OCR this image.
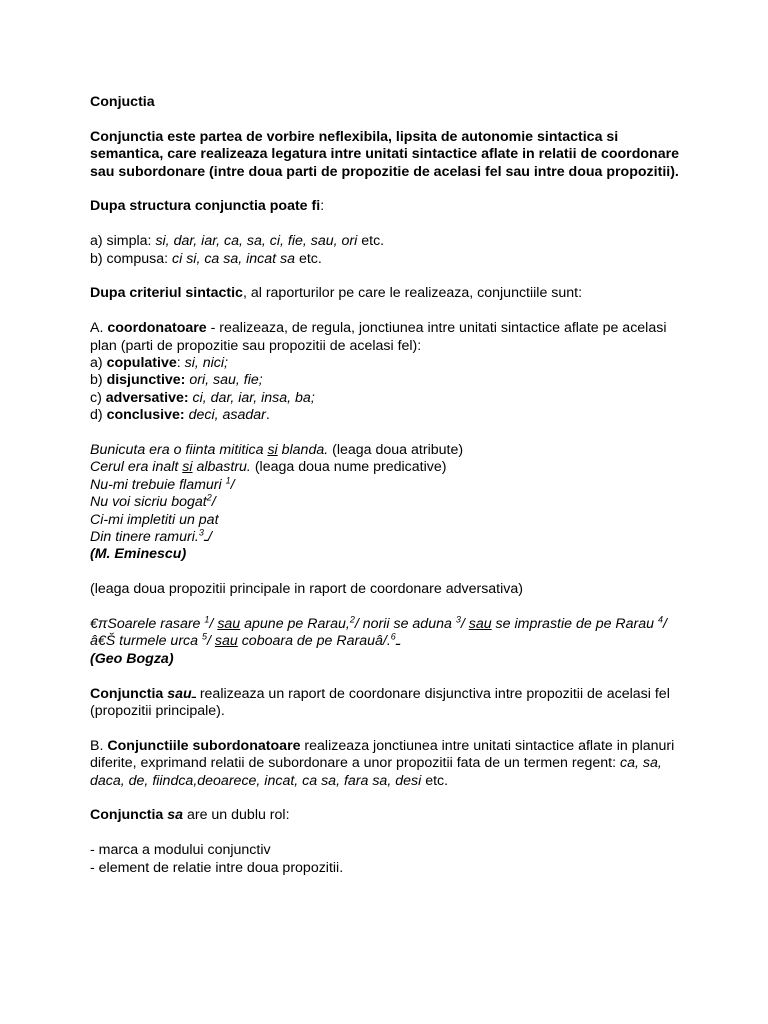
Conjuctia

Conjunctia este partea de vorbire neflexibila, lipsita de autonomie sintactica si semantica, care realizeaza legatura intre unitati sintactice aflate in relatii de coordonare sau subordonare (intre doua parti de propozitie de acelasi fel sau intre doua propozitii).

Dupa structura conjunctia poate fi:

a) simpla: si, dar, iar, ca, sa, ci, fie, sau, ori etc.

b) compusa: ci si, ca sa, incat sa etc.

Dupa criteriul sintactic, al raporturilor pe care le realizeaza, conjunctiile sunt:

A. coordonatoare - realizeaza, de regula, jonctiunea intre unitati sintactice aflate pe acelasi plan (parti de propozitie sau propozitii de acelasi fel):

a) copulative: si, nici;

b) disjunctive: ori, sau, fie;

c) adversative: ci, dar, iar, insa, ba;

d) conclusive: deci, asadar.

Bunicuta era o fiinta mititica si blanda. (leaga doua atribute)

Cerul era inalt si albastru. (leaga doua nume predicative)

Nu-mi trebuie flamuri $^1$/

Nu voi sicriu bogat$^2$/

Ci-mi impletiti un pat

Din tinere ramuri.ـ$^3$ /

(M. Eminescu)

(leaga doua propozitii principale in raport de coordonare adversativa)

€πSoarele rasare $^1$/ sau apune pe Rarau,$^2$/ norii se aduna $^3$/ sau se imprastie de pe Rarau $^4$/â€Š turmele urca $^5$/ sau coboara de pe Rarauâ/.$^6$ـ

(Geo Bogza)

Conjunctia sauـ realizeaza un raport de coordonare disjunctiva intre propozitii de acelasi fel (propozitii principale).

B. Conjunctiile subordonatoare realizeaza jonctiunea intre unitati sintactice aflate in planuri diferite, exprimand relatii de subordonare a unor propozitii fata de un termen regent: ca, sa, daca, de, fiindca,deoarece, incat, ca sa, fara sa, desi etc.

Conjunctia sa are un dublu rol:

- marca a modului conjunctiv

- element de relatie intre doua propozitii.
